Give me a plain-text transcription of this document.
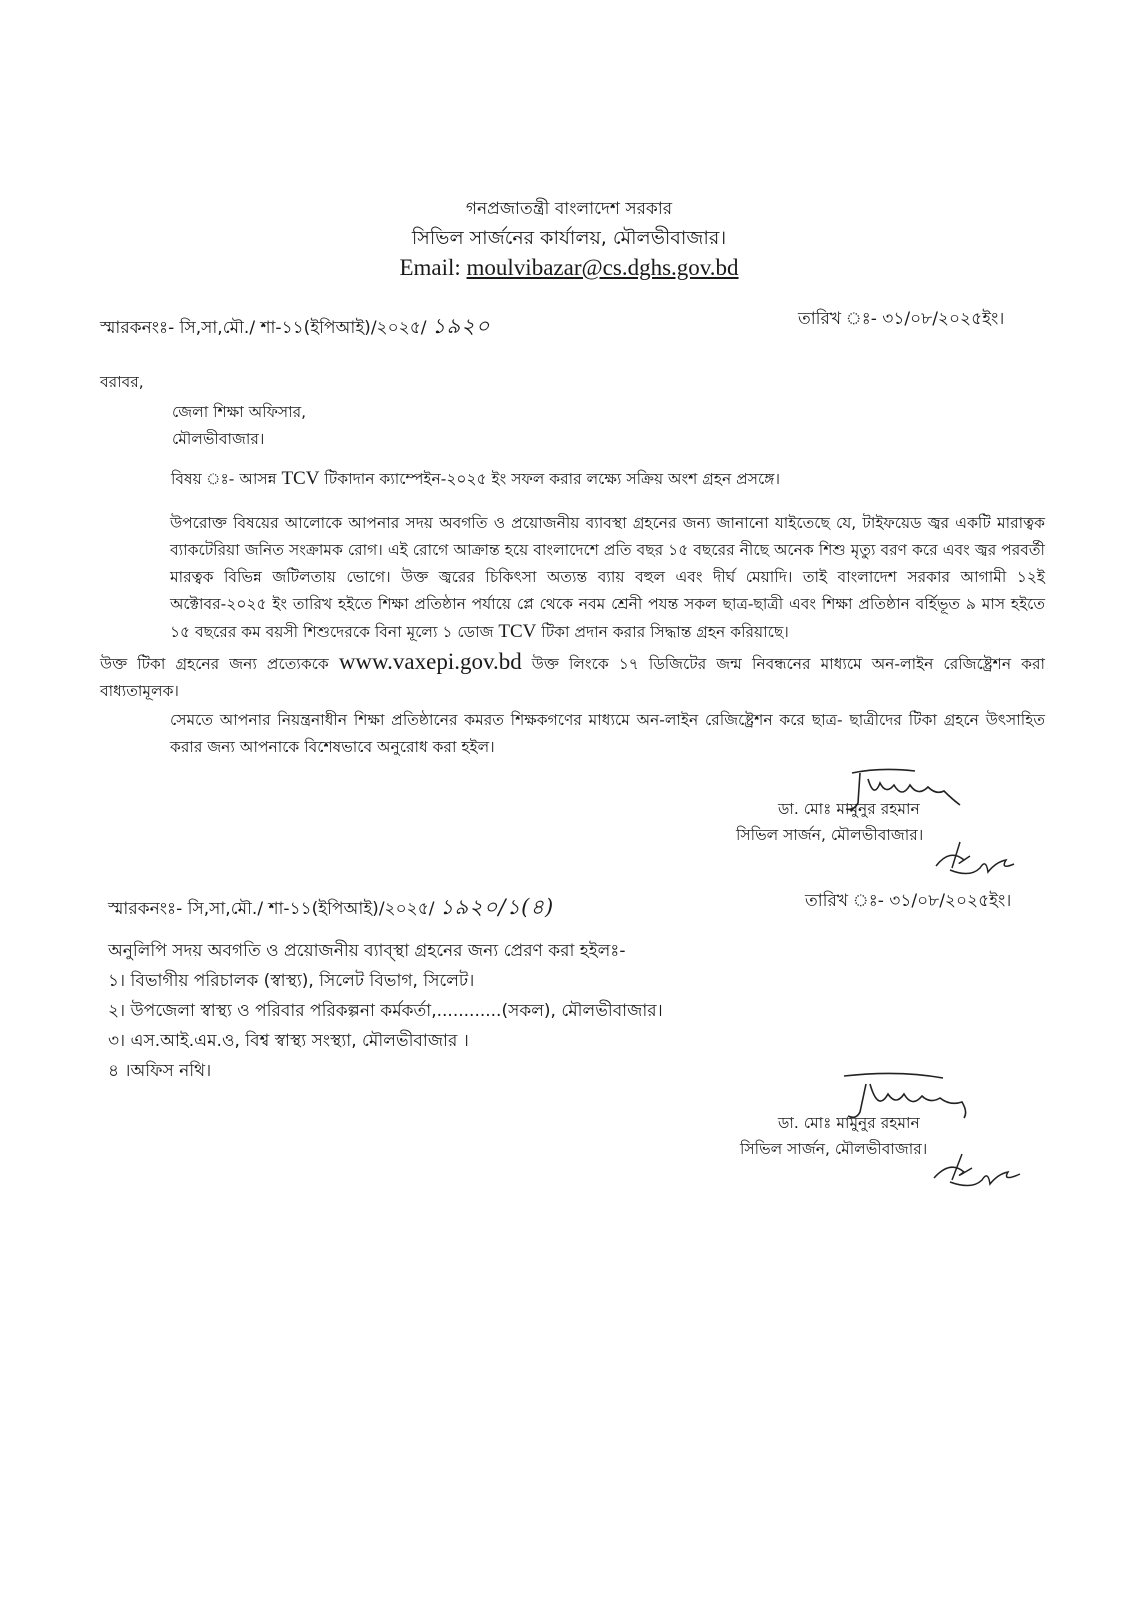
গনপ্রজাতন্ত্রী বাংলাদেশ সরকার
সিভিল সার্জনের কার্যালয়, মৌলভীবাজার।
Email: moulvibazar@cs.dghs.gov.bd
স্মারকনংঃ- সি,সা,মৌ./ শা-১১(ইপিআই)/২০২৫/ ১৯২০	তারিখ ঃ- ৩১/০৮/২০২৫ইং।
বরাবর,
জেলা শিক্ষা অফিসার,
মৌলভীবাজার।
বিষয় ঃ- আসন্ন TCV টিকাদান ক্যাম্পেইন-২০২৫ ইং সফল করার লক্ষ্যে সক্রিয় অংশ গ্রহন প্রসঙ্গে।

উপরোক্ত বিষয়ের আলোকে আপনার সদয় অবগতি ও প্রয়োজনীয় ব্যাবস্থা গ্রহনের জন্য জানানো যাইতেছে যে, টাইফয়েড জ্বর একটি মারাত্বক ব্যাকটেরিয়া জনিত সংক্রামক রোগ। এই রোগে আক্রান্ত হয়ে বাংলাদেশে প্রতি বছর ১৫ বছরের নীছে অনেক শিশু মৃত্যু বরণ করে এবং জ্বর পরবর্তী মারত্বক বিভিন্ন জটিলতায় ভোগে। উক্ত জ্বরের চিকিৎসা অত্যন্ত ব্যায় বহুল এবং দীর্ঘ মেয়াদি। তাই বাংলাদেশ সরকার আগামী ১২ই অক্টোবর-২০২৫ ইং তারিখ হইতে শিক্ষা প্রতিষ্ঠান পর্যায়ে প্লে থেকে নবম শ্রেনী পযন্ত সকল ছাত্র-ছাত্রী এবং শিক্ষা প্রতিষ্ঠান বর্হিভূত ৯ মাস হইতে ১৫ বছরের কম বয়সী শিশুদেরকে বিনা মূল্যে ১ ডোজ TCV টিকা প্রদান করার সিদ্ধান্ত গ্রহন করিয়াছে।

উক্ত টিকা গ্রহনের জন্য প্রত্যেককে www.vaxepi.gov.bd উক্ত লিংকে ১৭ ডিজিটের জন্ম নিবন্ধনের মাধ্যমে অন-লাইন রেজিষ্ট্রেশন করা বাধ্যতামূলক।

সেমতে আপনার নিয়ন্ত্রনাধীন শিক্ষা প্রতিষ্ঠানের কমরত শিক্ষকগণের মাধ্যমে অন-লাইন রেজিষ্ট্রেশন করে ছাত্র- ছাত্রীদের টিকা গ্রহনে উৎসাহিত করার জন্য আপনাকে বিশেষভাবে অনুরোধ করা হইল।

ডা. মোঃ মামুনুর রহমান
সিভিল সার্জন, মৌলভীবাজার।
স্মারকনংঃ- সি,সা,মৌ./ শা-১১(ইপিআই)/২০২৫/ ১৯২০/১(৪)	তারিখ ঃ- ৩১/০৮/২০২৫ইং।
অনুলিপি সদয় অবগতি ও প্রয়োজনীয় ব্যাব্স্থা গ্রহনের জন্য প্রেরণ করা হইলঃ-
১। বিভাগীয় পরিচালক (স্বাস্থ্য), সিলেট বিভাগ, সিলেট।
২। উপজেলা স্বাস্থ্য ও পরিবার পরিকল্পনা কর্মকর্তা,............(সকল), মৌলভীবাজার।
৩। এস.আই.এম.ও, বিশ্ব স্বাস্থ্য সংস্থ্যা, মৌলভীবাজার ।
৪ ।অফিস নথি।
ডা. মোঃ মামুনুর রহমান
সিভিল সার্জন, মৌলভীবাজার।
